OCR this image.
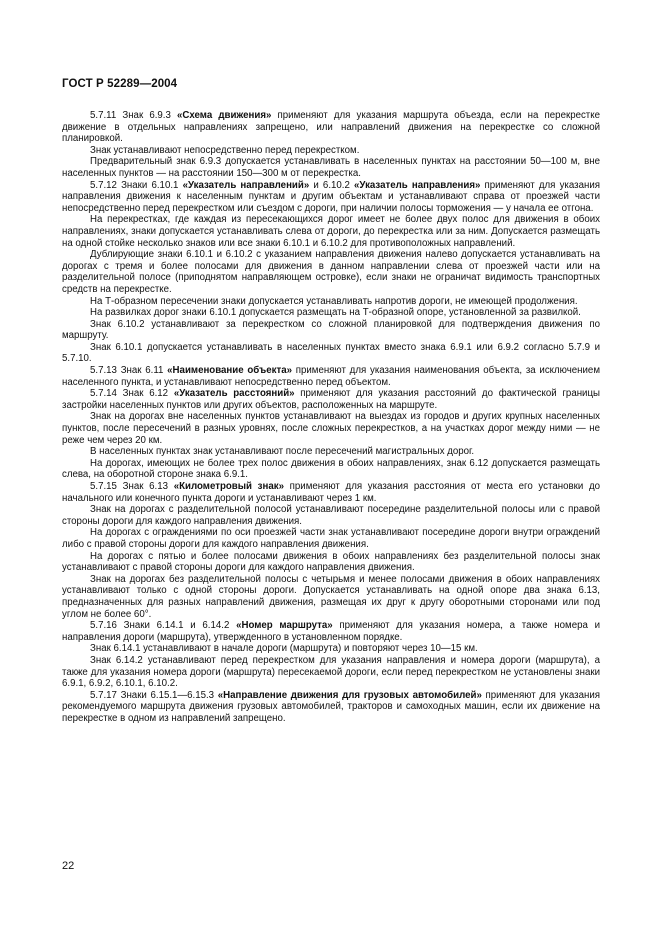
ГОСТ Р 52289—2004

5.7.11 Знак 6.9.3 «Схема движения» применяют для указания маршрута объезда, если на перекрестке движение в отдельных направлениях запрещено, или направлений движения на перекрестке со сложной планировкой.

Знак устанавливают непосредственно перед перекрестком.

Предварительный знак 6.9.3 допускается устанавливать в населенных пунктах на расстоянии 50—100 м, вне населенных пунктов — на расстоянии 150—300 м от перекрестка.

5.7.12 Знаки 6.10.1 «Указатель направлений» и 6.10.2 «Указатель направления» применяют для указания направления движения к населенным пунктам и другим объектам и устанавливают справа от проезжей части непосредственно перед перекрестком или съездом с дороги, при наличии полосы торможения — у начала ее отгона.

На перекрестках, где каждая из пересекающихся дорог имеет не более двух полос для движения в обоих направлениях, знаки допускается устанавливать слева от дороги, до перекрестка или за ним. Допускается размещать на одной стойке несколько знаков или все знаки 6.10.1 и 6.10.2 для противоположных направлений.

Дублирующие знаки 6.10.1 и 6.10.2 с указанием направления движения налево допускается устанавливать на дорогах с тремя и более полосами для движения в данном направлении слева от проезжей части или на разделительной полосе (приподнятом направляющем островке), если знаки не ограничат видимость транспортных средств на перекрестке.

На Т-образном пересечении знаки допускается устанавливать напротив дороги, не имеющей продолжения.

На развилках дорог знаки 6.10.1 допускается размещать на Т-образной опоре, установленной за развилкой.

Знак 6.10.2 устанавливают за перекрестком со сложной планировкой для подтверждения движения по маршруту.

Знак 6.10.1 допускается устанавливать в населенных пунктах вместо знака 6.9.1 или 6.9.2 согласно 5.7.9 и 5.7.10.

5.7.13 Знак 6.11 «Наименование объекта» применяют для указания наименования объекта, за исключением населенного пункта, и устанавливают непосредственно перед объектом.

5.7.14 Знак 6.12 «Указатель расстояний» применяют для указания расстояний до фактической границы застройки населенных пунктов или других объектов, расположенных на маршруте.

Знак на дорогах вне населенных пунктов устанавливают на выездах из городов и других крупных населенных пунктов, после пересечений в разных уровнях, после сложных перекрестков, а на участках дорог между ними — не реже чем через 20 км.

В населенных пунктах знак устанавливают после пересечений магистральных дорог.

На дорогах, имеющих не более трех полос движения в обоих направлениях, знак 6.12 допускается размещать слева, на оборотной стороне знака 6.9.1.

5.7.15 Знак 6.13 «Километровый знак» применяют для указания расстояния от места его установки до начального или конечного пункта дороги и устанавливают через 1 км.

Знак на дорогах с разделительной полосой устанавливают посередине разделительной полосы или с правой стороны дороги для каждого направления движения.

На дорогах с ограждениями по оси проезжей части знак устанавливают посередине дороги внутри ограждений либо с правой стороны дороги для каждого направления движения.

На дорогах с пятью и более полосами движения в обоих направлениях без разделительной полосы знак устанавливают с правой стороны дороги для каждого направления движения.

Знак на дорогах без разделительной полосы с четырьмя и менее полосами движения в обоих направлениях устанавливают только с одной стороны дороги. Допускается устанавливать на одной опоре два знака 6.13, предназначенных для разных направлений движения, размещая их друг к другу оборотными сторонами или под углом не более 60°.

5.7.16 Знаки 6.14.1 и 6.14.2 «Номер маршрута» применяют для указания номера, а также номера и направления дороги (маршрута), утвержденного в установленном порядке.

Знак 6.14.1 устанавливают в начале дороги (маршрута) и повторяют через 10—15 км.

Знак 6.14.2 устанавливают перед перекрестком для указания направления и номера дороги (маршрута), а также для указания номера дороги (маршрута) пересекаемой дороги, если перед перекрестком не установлены знаки 6.9.1, 6.9.2, 6.10.1, 6.10.2.

5.7.17 Знаки 6.15.1—6.15.3 «Направление движения для грузовых автомобилей» применяют для указания рекомендуемого маршрута движения грузовых автомобилей, тракторов и самоходных машин, если их движение на перекрестке в одном из направлений запрещено.

22
